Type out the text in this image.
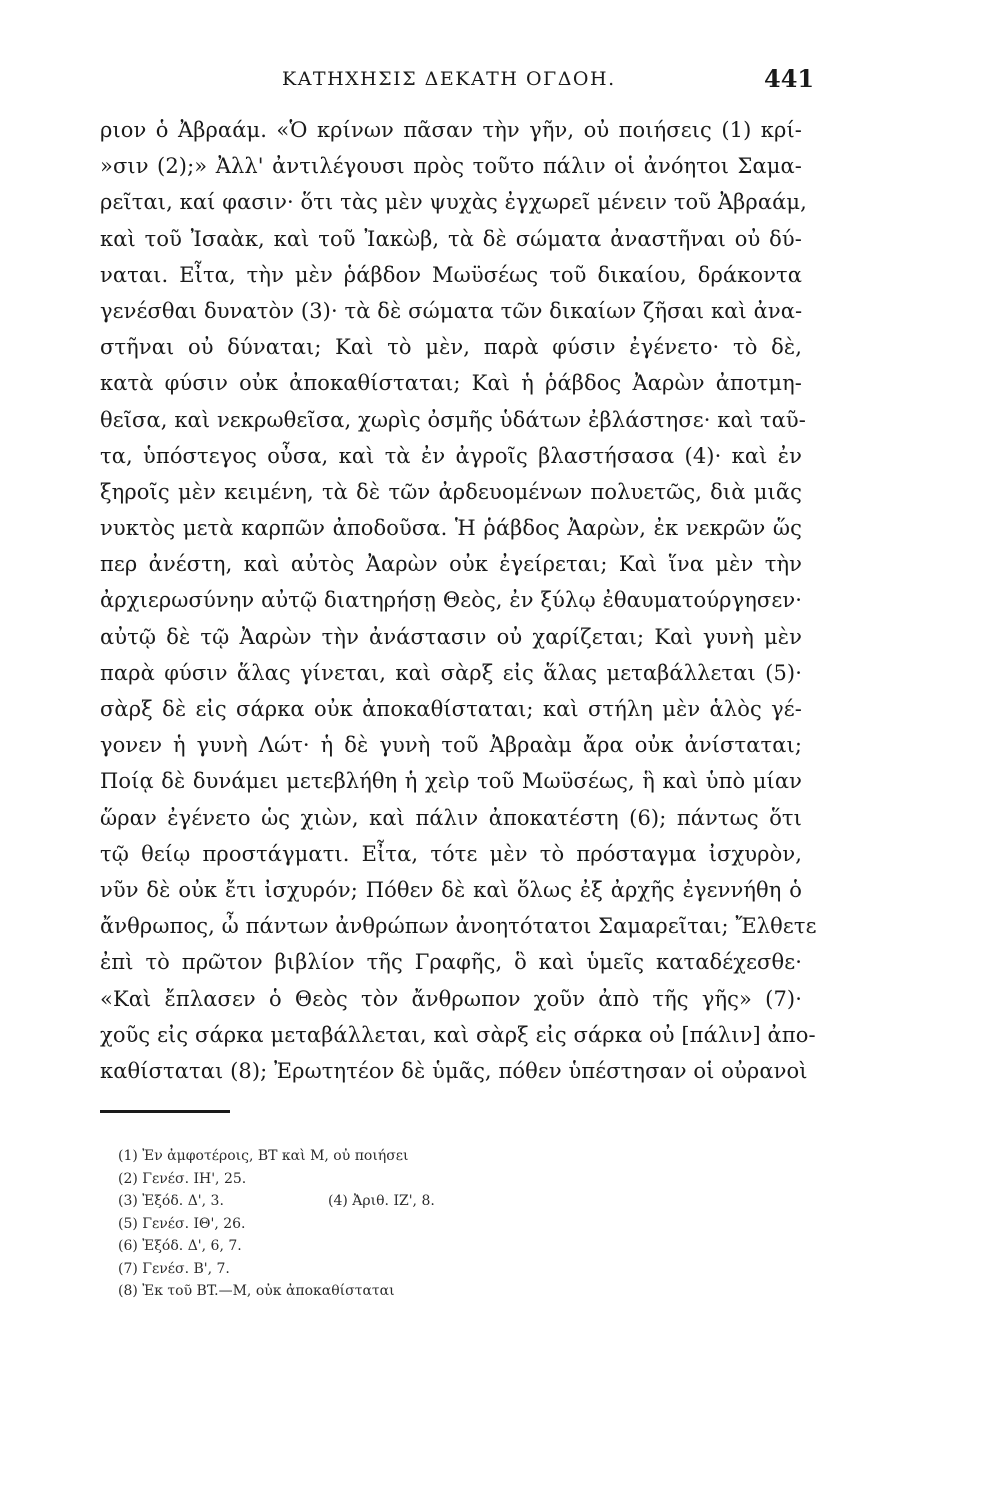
ΚΑΤΗΧΗΣΙΣ ΔΕΚΑΤΗ ΟΓΔΟΗ.	441
ριον ὁ Ἀβραάμ. «Ὁ κρίνων πᾶσαν τὴν γῆν, οὐ ποιήσεις (1) κρί-
»σιν (2);» Ἀλλ' ἀντιλέγουσι πρὸς τοῦτο πάλιν οἱ ἀνόητοι Σαμα-
ρεῖται, καί φασιν· ὅτι τὰς μὲν ψυχὰς ἐγχωρεῖ μένειν τοῦ Ἀβραάμ,
καὶ τοῦ Ἰσαὰκ, καὶ τοῦ Ἰακὼβ, τὰ δὲ σώματα ἀναστῆναι οὐ δύ-
ναται. Εἶτα, τὴν μὲν ῥάβδον Μωϋσέως τοῦ δικαίου, δράκοντα
γενέσθαι δυνατὸν (3)· τὰ δὲ σώματα τῶν δικαίων ζῆσαι καὶ ἀνα-
στῆναι οὐ δύναται; Καὶ τὸ μὲν, παρὰ φύσιν ἐγένετο· τὸ δὲ,
κατὰ φύσιν οὐκ ἀποκαθίσταται; Καὶ ἡ ῥάβδος Ἀαρὼν ἀποτμη-
θεῖσα, καὶ νεκρωθεῖσα, χωρὶς ὀσμῆς ὑδάτων ἐβλάστησε· καὶ ταῦ-
τα, ὑπόστεγος οὖσα, καὶ τὰ ἐν ἀγροῖς βλαστήσασα (4)· καὶ ἐν
ξηροῖς μὲν κειμένη, τὰ δὲ τῶν ἀρδευομένων πολυετῶς, διὰ μιᾶς
νυκτὸς μετὰ καρπῶν ἀποδοῦσα. Ἡ ῥάβδος Ἀαρὼν, ἐκ νεκρῶν ὥς
περ ἀνέστη, καὶ αὐτὸς Ἀαρὼν οὐκ ἐγείρεται; Καὶ ἵνα μὲν τὴν
ἀρχιερωσύνην αὐτῷ διατηρήσῃ Θεὸς, ἐν ξύλῳ ἐθαυματούργησεν·
αὐτῷ δὲ τῷ Ἀαρὼν τὴν ἀνάστασιν οὐ χαρίζεται; Καὶ γυνὴ μὲν
παρὰ φύσιν ἅλας γίνεται, καὶ σὰρξ εἰς ἅλας μεταβάλλεται (5)·
σὰρξ δὲ εἰς σάρκα οὐκ ἀποκαθίσταται; καὶ στήλη μὲν ἁλὸς γέ-
γονεν ἡ γυνὴ Λώτ· ἡ δὲ γυνὴ τοῦ Ἀβραὰμ ἄρα οὐκ ἀνίσταται;
Ποίᾳ δὲ δυνάμει μετεβλήθη ἡ χεὶρ τοῦ Μωϋσέως, ἣ καὶ ὑπὸ μίαν
ὥραν ἐγένετο ὡς χιὼν, καὶ πάλιν ἀποκατέστη (6); πάντως ὅτι
τῷ θείῳ προστάγματι. Εἶτα, τότε μὲν τὸ πρόσταγμα ἰσχυρὸν,
νῦν δὲ οὐκ ἔτι ἰσχυρόν; Πόθεν δὲ καὶ ὅλως ἐξ ἀρχῆς ἐγεννήθη ὁ
ἄνθρωπος, ὦ πάντων ἀνθρώπων ἀνοητότατοι Σαμαρεῖται; Ἔλθετε
ἐπὶ τὸ πρῶτον βιβλίον τῆς Γραφῆς, ὃ καὶ ὑμεῖς καταδέχεσθε·
«Καὶ ἔπλασεν ὁ Θεὸς τὸν ἄνθρωπον χοῦν ἀπὸ τῆς γῆς» (7)·
χοῦς εἰς σάρκα μεταβάλλεται, καὶ σὰρξ εἰς σάρκα οὐ [πάλιν] ἀπο-
καθίσταται (8); Ἐρωτητέον δὲ ὑμᾶς, πόθεν ὑπέστησαν οἱ οὐρανοὶ
(1) Ἐν ἀμφοτέροις, BT καὶ M, οὐ ποιήσει
(2) Γενέσ. ΙΗ', 25.
(3) Ἐξόδ. Δ', 3.	(4) Ἀριθ. ΙΖ', 8.
(5) Γενέσ. ΙΘ', 26.
(6) Ἐξόδ. Δ', 6, 7.
(7) Γενέσ. Β', 7.
(8) Ἐκ τοῦ BT.—M, οὐκ ἀποκαθίσταται
